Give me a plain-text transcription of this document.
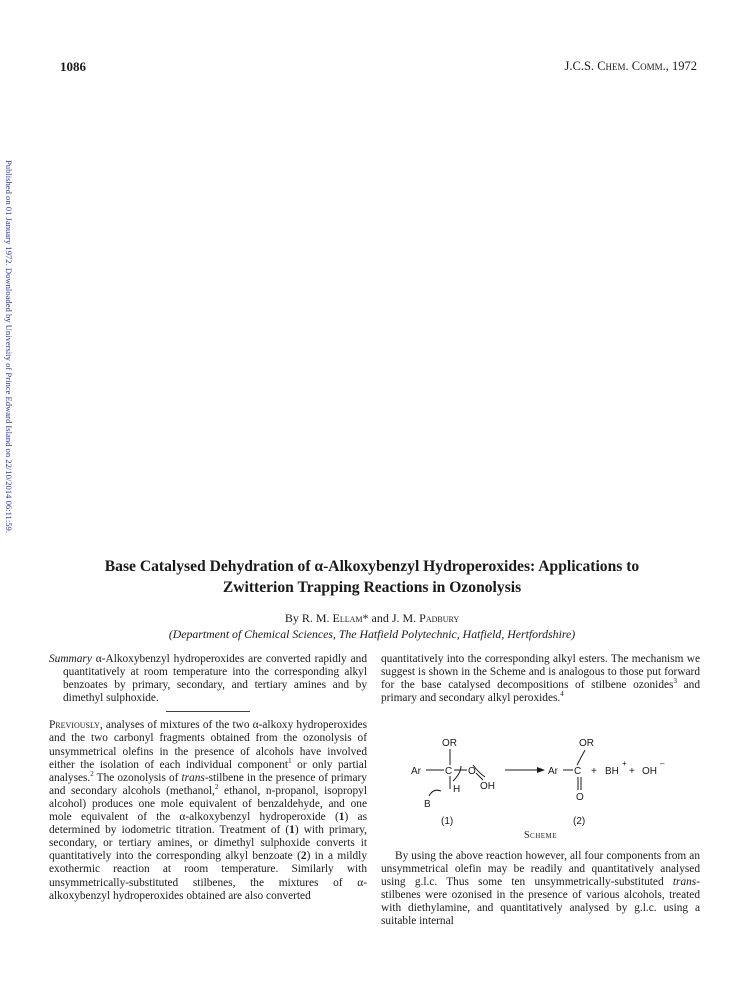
1086	J.C.S. Chem. Comm., 1972
Published on 01 January 1972. Downloaded by University of Prince Edward Island on 22/10/2014 06:11:59.
Base Catalysed Dehydration of α-Alkoxybenzyl Hydroperoxides: Applications to
Zwitterion Trapping Reactions in Ozonolysis
By R. M. Ellam* and J. M. Padbury
(Department of Chemical Sciences, The Hatfield Polytechnic, Hatfield, Hertfordshire)

Summary α-Alkoxybenzyl hydroperoxides are converted rapidly and quantitatively at room temperature into the corresponding alkyl benzoates by primary, secondary, and tertiary amines and by dimethyl sulphoxide.

Previously, analyses of mixtures of the two α-alkoxy hydroperoxides and the two carbonyl fragments obtained from the ozonolysis of unsymmetrical olefins in the presence of alcohols have involved either the isolation of each individual component$^1$ or only partial analyses.$^2$ The ozonolysis of trans-stilbene in the presence of primary and secondary alcohols (methanol,$^2$ ethanol, n-propanol, isopropyl alcohol) produces one mole equivalent of benzaldehyde, and one mole equivalent of the α-alkoxybenzyl hydroperoxide (1) as determined by iodometric titration. Treatment of (1) with primary, secondary, or tertiary amines, or dimethyl sulphoxide converts it quantitatively into the corresponding alkyl benzoate (2) in a mildly exothermic reaction at room temperature. Similarly with unsymmetrically-substituted stilbenes, the mixtures of α-alkoxybenzyl hydroperoxides obtained are also converted

quantitatively into the corresponding alkyl esters. The mechanism we suggest is shown in the Scheme and is analogous to those put forward for the base catalysed decompositions of stilbene ozonides$^3$ and primary and secondary alkyl peroxides.$^4$

OR
Ar C O
OH
H
B
(1)
OR
Ar C
O
+ BH
+
+ OH
–
(2)
Scheme

By using the above reaction however, all four components from an unsymmetrical olefin may be readily and quantitatively analysed using g.l.c. Thus some ten unsymmetrically-substituted trans-stilbenes were ozonised in the presence of various alcohols, treated with diethylamine, and quantitatively analysed by g.l.c. using a suitable internal
